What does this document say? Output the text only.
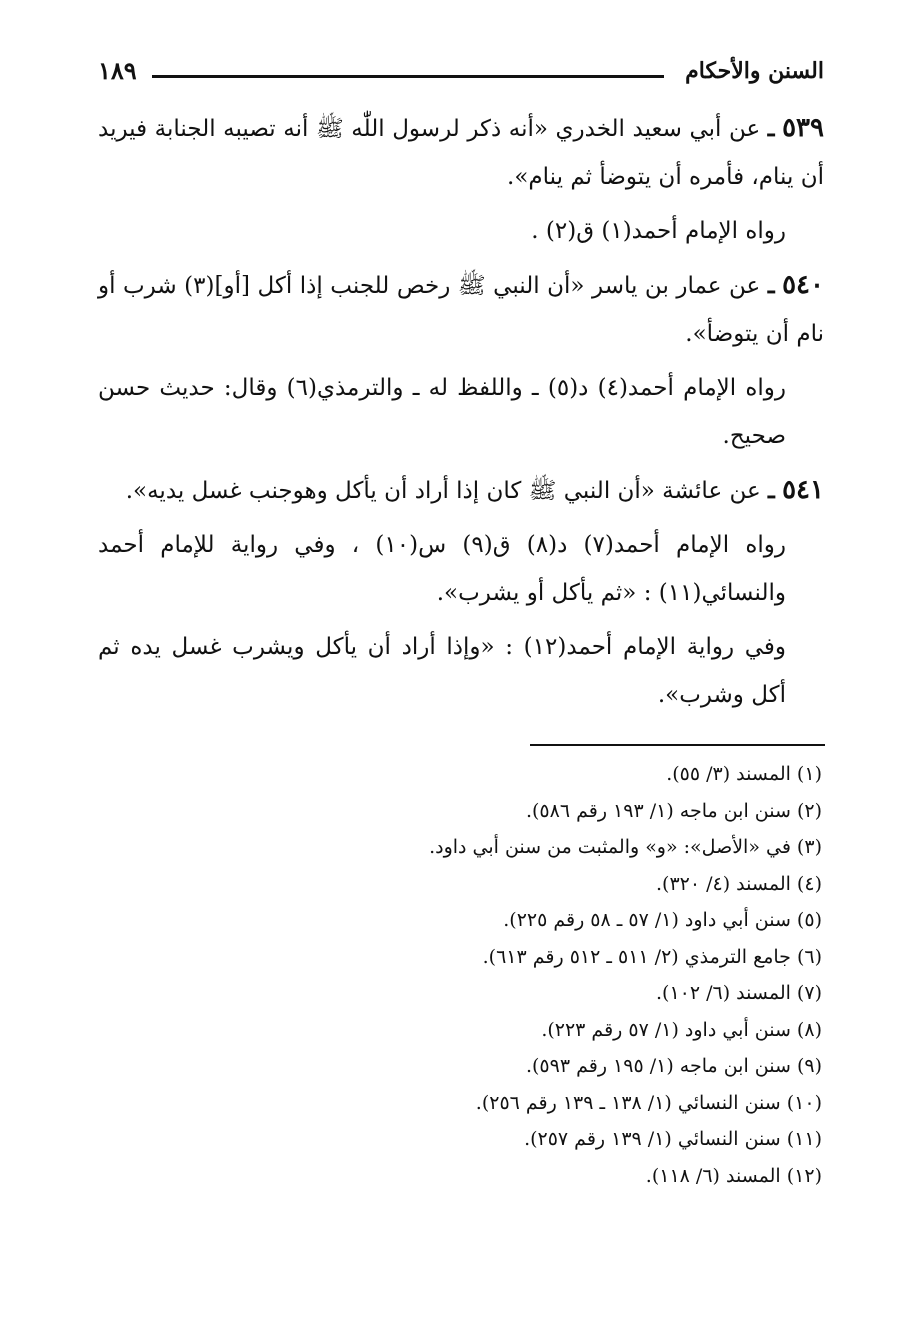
السنن والأحكام
١٨٩

٥٣٩ ـ عن أبي سعيد الخدري «أنه ذكر لرسول اللّٰه ﷺ أنه تصيبه الجنابة فيريد أن ينام، فأمره أن يتوضأ ثم ينام».

رواه الإمام أحمد(١) ق(٢) .

٥٤٠ ـ عن عمار بن ياسر «أن النبي ﷺ رخص للجنب إذا أكل [أو](٣) شرب أو نام أن يتوضأ».

رواه الإمام أحمد(٤) د(٥) ـ واللفظ له ـ والترمذي(٦) وقال: حديث حسن صحيح.

٥٤١ ـ عن عائشة «أن النبي ﷺ كان إذا أراد أن يأكل وهوجنب غسل يديه».

رواه الإمام أحمد(٧) د(٨) ق(٩) س(١٠) ، وفي رواية للإمام أحمد والنسائي(١١) : «ثم يأكل أو يشرب».

وفي رواية الإمام أحمد(١٢) : «وإذا أراد أن يأكل ويشرب غسل يده ثم أكل وشرب».

(١) المسند (٣/ ٥٥).

(٢) سنن ابن ماجه (١/ ١٩٣ رقم ٥٨٦).

(٣) في «الأصل»: «و» والمثبت من سنن أبي داود.

(٤) المسند (٤/ ٣٢٠).

(٥) سنن أبي داود (١/ ٥٧ ـ ٥٨ رقم ٢٢٥).

(٦) جامع الترمذي (٢/ ٥١١ ـ ٥١٢ رقم ٦١٣).

(٧) المسند (٦/ ١٠٢).

(٨) سنن أبي داود (١/ ٥٧ رقم ٢٢٣).

(٩) سنن ابن ماجه (١/ ١٩٥ رقم ٥٩٣).

(١٠) سنن النسائي (١/ ١٣٨ ـ ١٣٩ رقم ٢٥٦).

(١١) سنن النسائي (١/ ١٣٩ رقم ٢٥٧).

(١٢) المسند (٦/ ١١٨).
